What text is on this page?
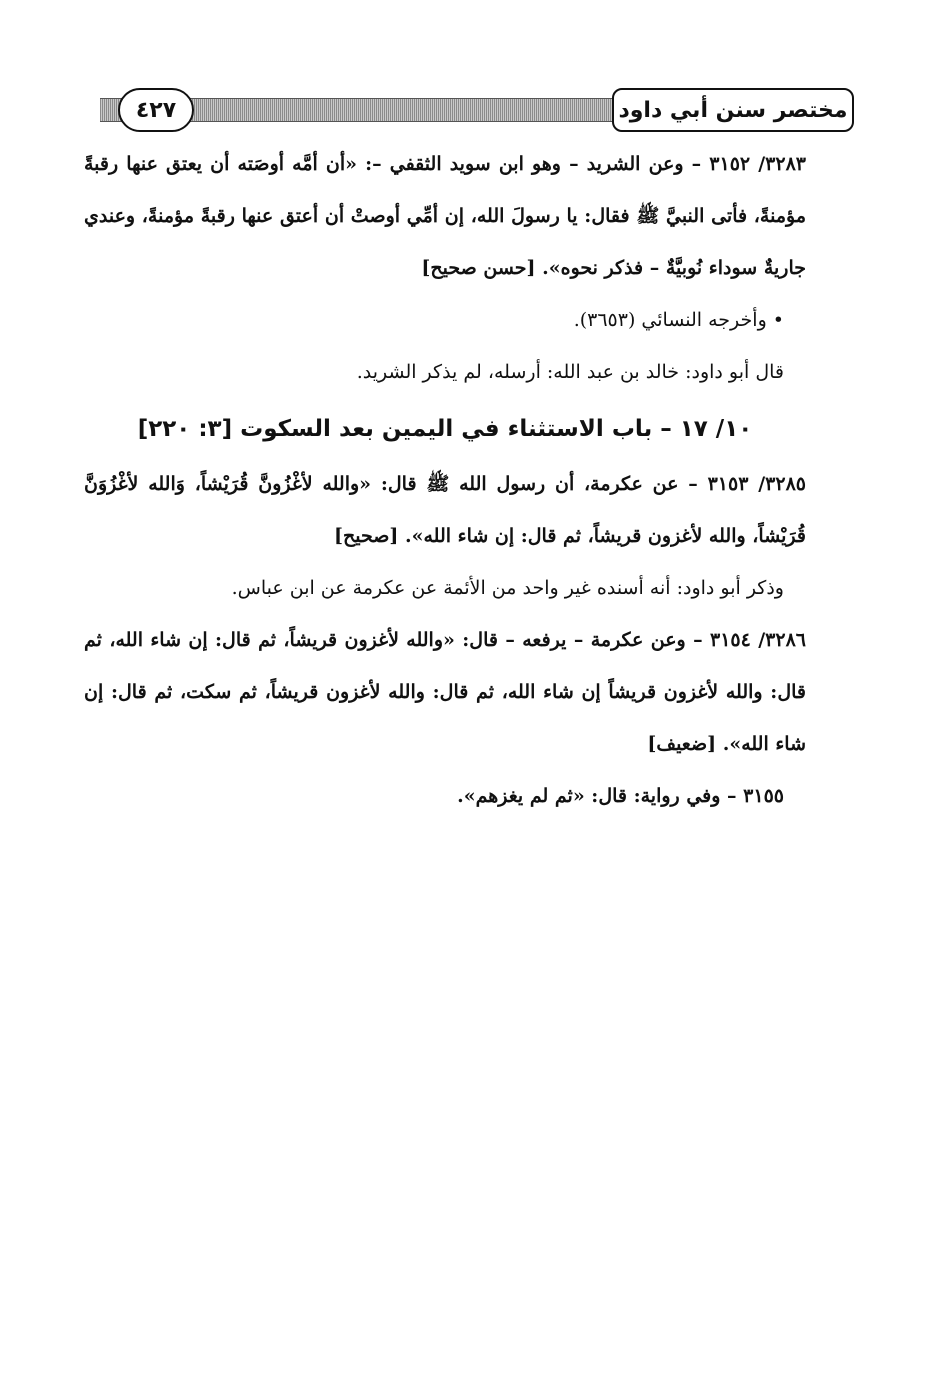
٤٢٧	مختصر سنن أبي داود

٣٢٨٣/ ٣١٥٢ – وعن الشريد – وهو ابن سويد الثقفي –: «أن أمَّه أوصَته أن يعتق عنها رقبةً مؤمنةً، فأتى النبيَّ ﷺ فقال: يا رسولَ الله، إن أمِّي أوصتْ أن أعتق عنها رقبةً مؤمنةً، وعندي جاريةٌ سوداء نُوبيَّةٌ – فذكر نحوه». [حسن صحيح]

• وأخرجه النسائي (٣٦٥٣).

قال أبو داود: خالد بن عبد الله: أرسله، لم يذكر الشريد.

١٠/ ١٧ – باب الاستثناء في اليمين بعد السكوت [٣: ٢٢٠]

٣٢٨٥/ ٣١٥٣ – عن عكرمة، أن رسول الله ﷺ قال: «والله لأغْزُونَّ قُرَيْشاً، وَالله لأغْزُوَنَّ قُرَيْشاً، والله لأغزون قريشاً، ثم قال: إن شاء الله». [صحيح]

وذكر أبو داود: أنه أسنده غير واحد من الأئمة عن عكرمة عن ابن عباس.

٣٢٨٦/ ٣١٥٤ – وعن عكرمة – يرفعه – قال: «والله لأغزون قريشاً، ثم قال: إن شاء الله، ثم قال: والله لأغزون قريشاً إن شاء الله، ثم قال: والله لأغزون قريشاً، ثم سكت، ثم قال: إن شاء الله». [ضعيف]

٣١٥٥ – وفي رواية: قال: «ثم لم يغزهم».
